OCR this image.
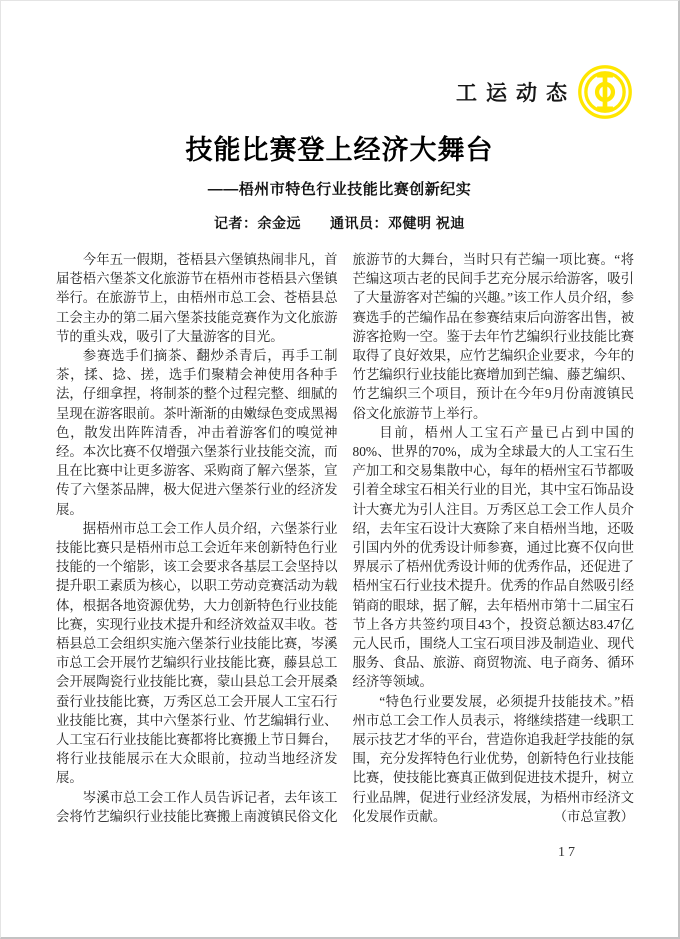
工运动态
技能比赛登上经济大舞台
——梧州市特色行业技能比赛创新纪实
记者：余金远　　通讯员：邓健明 祝迪

今年五一假期，苍梧县六堡镇热闹非凡，首届苍梧六堡茶文化旅游节在梧州市苍梧县六堡镇举行。在旅游节上，由梧州市总工会、苍梧县总工会主办的第二届六堡茶技能竞赛作为文化旅游节的重头戏，吸引了大量游客的目光。

参赛选手们摘茶、翻炒杀青后，再手工制茶，揉、捻、搓，选手们聚精会神使用各种手法，仔细拿捏，将制茶的整个过程完整、细腻的呈现在游客眼前。茶叶渐渐的由嫩绿色变成黑褐色，散发出阵阵清香，冲击着游客们的嗅觉神经。本次比赛不仅增强六堡茶行业技能交流，而且在比赛中让更多游客、采购商了解六堡茶，宣传了六堡茶品牌，极大促进六堡茶行业的经济发展。

据梧州市总工会工作人员介绍，六堡茶行业技能比赛只是梧州市总工会近年来创新特色行业技能的一个缩影，该工会要求各基层工会坚持以提升职工素质为核心，以职工劳动竞赛活动为载体，根据各地资源优势，大力创新特色行业技能比赛，实现行业技术提升和经济效益双丰收。苍梧县总工会组织实施六堡茶行业技能比赛，岑溪市总工会开展竹艺编织行业技能比赛，藤县总工会开展陶瓷行业技能比赛，蒙山县总工会开展桑蚕行业技能比赛，万秀区总工会开展人工宝石行业技能比赛，其中六堡茶行业、竹艺编辑行业、人工宝石行业技能比赛都将比赛搬上节日舞台，将行业技能展示在大众眼前，拉动当地经济发展。

岑溪市总工会工作人员告诉记者，去年该工会将竹艺编织行业技能比赛搬上南渡镇民俗文化旅游节的大舞台，当时只有芒编一项比赛。“将芒编这项古老的民间手艺充分展示给游客，吸引了大量游客对芒编的兴趣。”该工作人员介绍，参赛选手的芒编作品在参赛结束后向游客出售，被游客抢购一空。鉴于去年竹艺编织行业技能比赛取得了良好效果，应竹艺编织企业要求，今年的竹艺编织行业技能比赛增加到芒编、藤艺编织、竹艺编织三个项目，预计在今年9月份南渡镇民俗文化旅游节上举行。

目前，梧州人工宝石产量已占到中国的80%、世界的70%，成为全球最大的人工宝石生产加工和交易集散中心，每年的梧州宝石节都吸引着全球宝石相关行业的目光，其中宝石饰品设计大赛尤为引人注目。万秀区总工会工作人员介绍，去年宝石设计大赛除了来自梧州当地，还吸引国内外的优秀设计师参赛，通过比赛不仅向世界展示了梧州优秀设计师的优秀作品，还促进了梧州宝石行业技术提升。优秀的作品自然吸引经销商的眼球，据了解，去年梧州市第十二届宝石节上各方共签约项目43个，投资总额达83.47亿元人民币，围绕人工宝石项目涉及制造业、现代服务、食品、旅游、商贸物流、电子商务、循环经济等领域。

“特色行业要发展，必须提升技能技术。”梧州市总工会工作人员表示，将继续搭建一线职工展示技艺才华的平台，营造你追我赶学技能的氛围，充分发挥特色行业优势，创新特色行业技能比赛，使技能比赛真正做到促进技术提升，树立行业品牌，促进行业经济发展，为梧州市经济文化发展作贡献。	（市总宣教）

17
